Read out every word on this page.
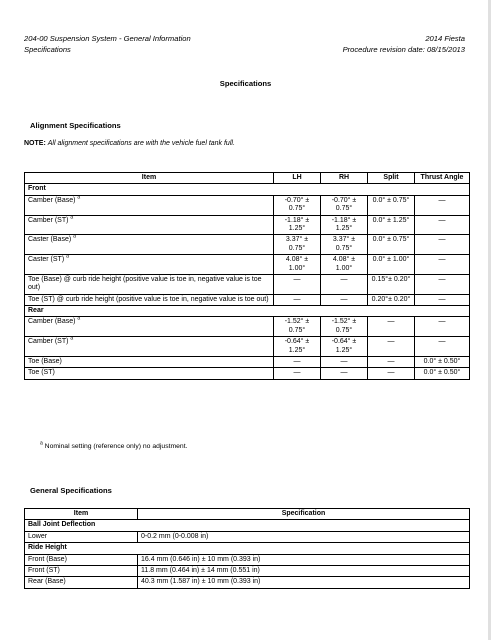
204-00 Suspension System - General Information	2014 Fiesta
Specifications	Procedure revision date: 08/15/2013
Specifications
Alignment Specifications
NOTE: All alignment specifications are with the vehicle fuel tank full.
Item	LH	RH	Split	Thrust Angle
Front				
Camber (Base) $^a$	-0.70° ± 0.75°	-0.70° ± 0.75°	0.0° ± 0.75°	—
Camber (ST) $^a$	-1.18° ± 1.25°	-1.18° ± 1.25°	0.0° ± 1.25°	—
Caster (Base) $^a$	3.37° ± 0.75°	3.37° ± 0.75°	0.0° ± 0.75°	—
Caster (ST) $^a$	4.08° ± 1.00°	4.08° ± 1.00°	0.0° ± 1.00°	—
Toe (Base) @ curb ride height (positive value is toe in, negative value is toe out)	—	—	0.15°± 0.20°	—
Toe (ST) @ curb ride height (positive value is toe in, negative value is toe out)	—	—	0.20°± 0.20°	—
Rear				
Camber (Base) $^a$	-1.52° ± 0.75°	-1.52° ± 0.75°	—	—
Camber (ST) $^a$	-0.64° ± 1.25°	-0.64° ± 1.25°	—	—
Toe (Base)	—	—	—	0.0° ± 0.50°
Toe (ST)	—	—	—	0.0° ± 0.50°
$^a$ Nominal setting (reference only) no adjustment.
General Specifications
Item	Specification
Ball Joint Deflection	
Lower	0-0.2 mm (0-0.008 in)
Ride Height	
Front (Base)	16.4 mm (0.646 in) ± 10 mm (0.393 in)
Front (ST)	11.8 mm (0.464 in) ± 14 mm (0.551 in)
Rear (Base)	40.3 mm (1.587 in) ± 10 mm (0.393 in)
